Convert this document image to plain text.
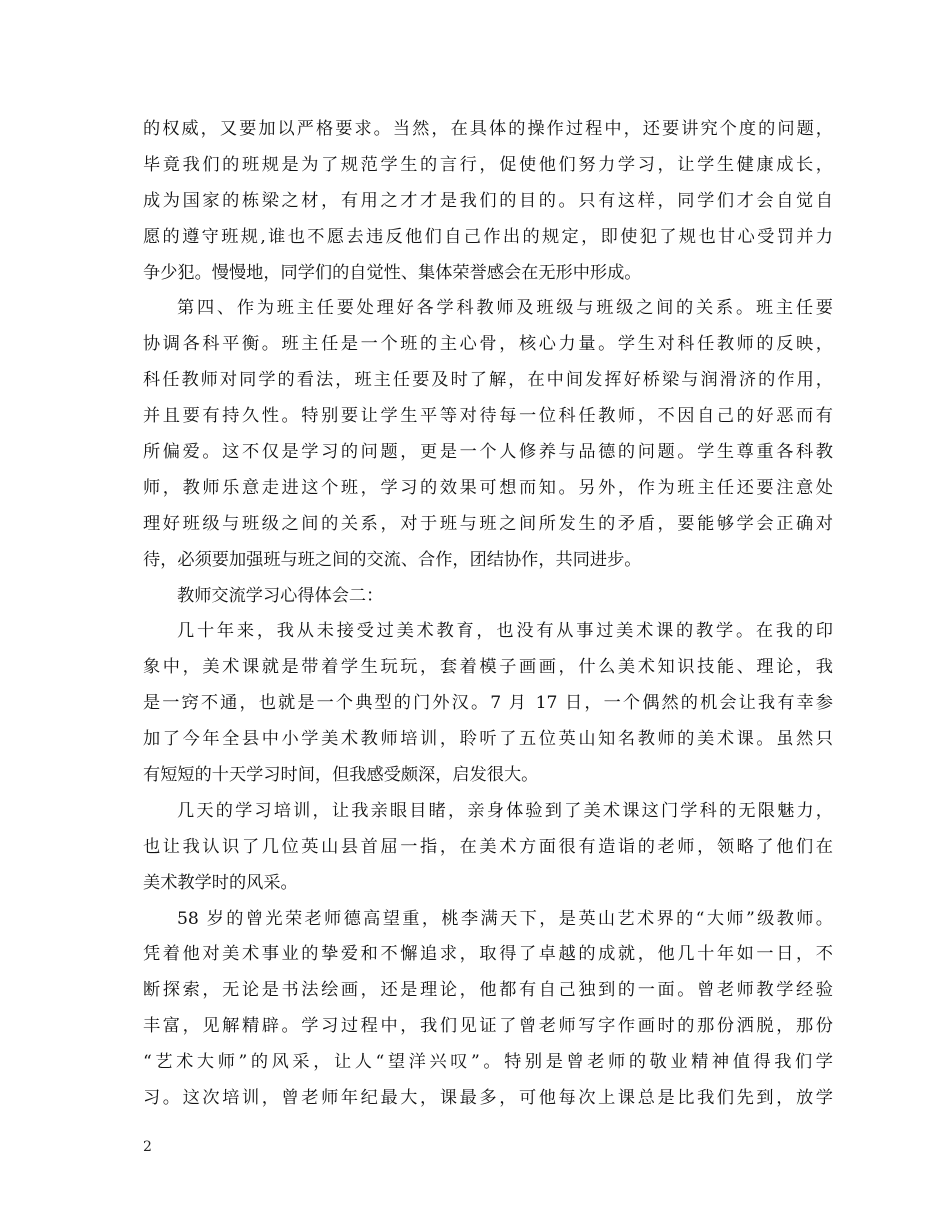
的权威，又要加以严格要求。当然，在具体的操作过程中，还要讲究个度的问题，
毕竟我们的班规是为了规范学生的言行，促使他们努力学习，让学生健康成长，
成为国家的栋梁之材，有用之才才是我们的目的。只有这样，同学们才会自觉自
愿的遵守班规,谁也不愿去违反他们自己作出的规定，即使犯了规也甘心受罚并力
争少犯。慢慢地，同学们的自觉性、集体荣誉感会在无形中形成。
第四、作为班主任要处理好各学科教师及班级与班级之间的关系。班主任要
协调各科平衡。班主任是一个班的主心骨，核心力量。学生对科任教师的反映，
科任教师对同学的看法，班主任要及时了解，在中间发挥好桥梁与润滑济的作用，
并且要有持久性。特别要让学生平等对待每一位科任教师，不因自己的好恶而有
所偏爱。这不仅是学习的问题，更是一个人修养与品德的问题。学生尊重各科教
师，教师乐意走进这个班，学习的效果可想而知。另外，作为班主任还要注意处
理好班级与班级之间的关系，对于班与班之间所发生的矛盾，要能够学会正确对
待，必须要加强班与班之间的交流、合作，团结协作，共同进步。
教师交流学习心得体会二：
几十年来，我从未接受过美术教育，也没有从事过美术课的教学。在我的印
象中，美术课就是带着学生玩玩，套着模子画画，什么美术知识技能、理论，我
是一窍不通，也就是一个典型的门外汉。7 月 17 日，一个偶然的机会让我有幸参
加了今年全县中小学美术教师培训，聆听了五位英山知名教师的美术课。虽然只
有短短的十天学习时间，但我感受颇深，启发很大。
几天的学习培训，让我亲眼目睹，亲身体验到了美术课这门学科的无限魅力，
也让我认识了几位英山县首屈一指，在美术方面很有造诣的老师，领略了他们在
美术教学时的风采。
58 岁的曾光荣老师德高望重，桃李满天下，是英山艺术界的“大师”级教师。
凭着他对美术事业的挚爱和不懈追求，取得了卓越的成就，他几十年如一日，不
断探索，无论是书法绘画，还是理论，他都有自己独到的一面。曾老师教学经验
丰富，见解精辟。学习过程中，我们见证了曾老师写字作画时的那份洒脱，那份
“艺术大师”的风采，让人“望洋兴叹”。特别是曾老师的敬业精神值得我们学
习。这次培训，曾老师年纪最大，课最多，可他每次上课总是比我们先到，放学
2
